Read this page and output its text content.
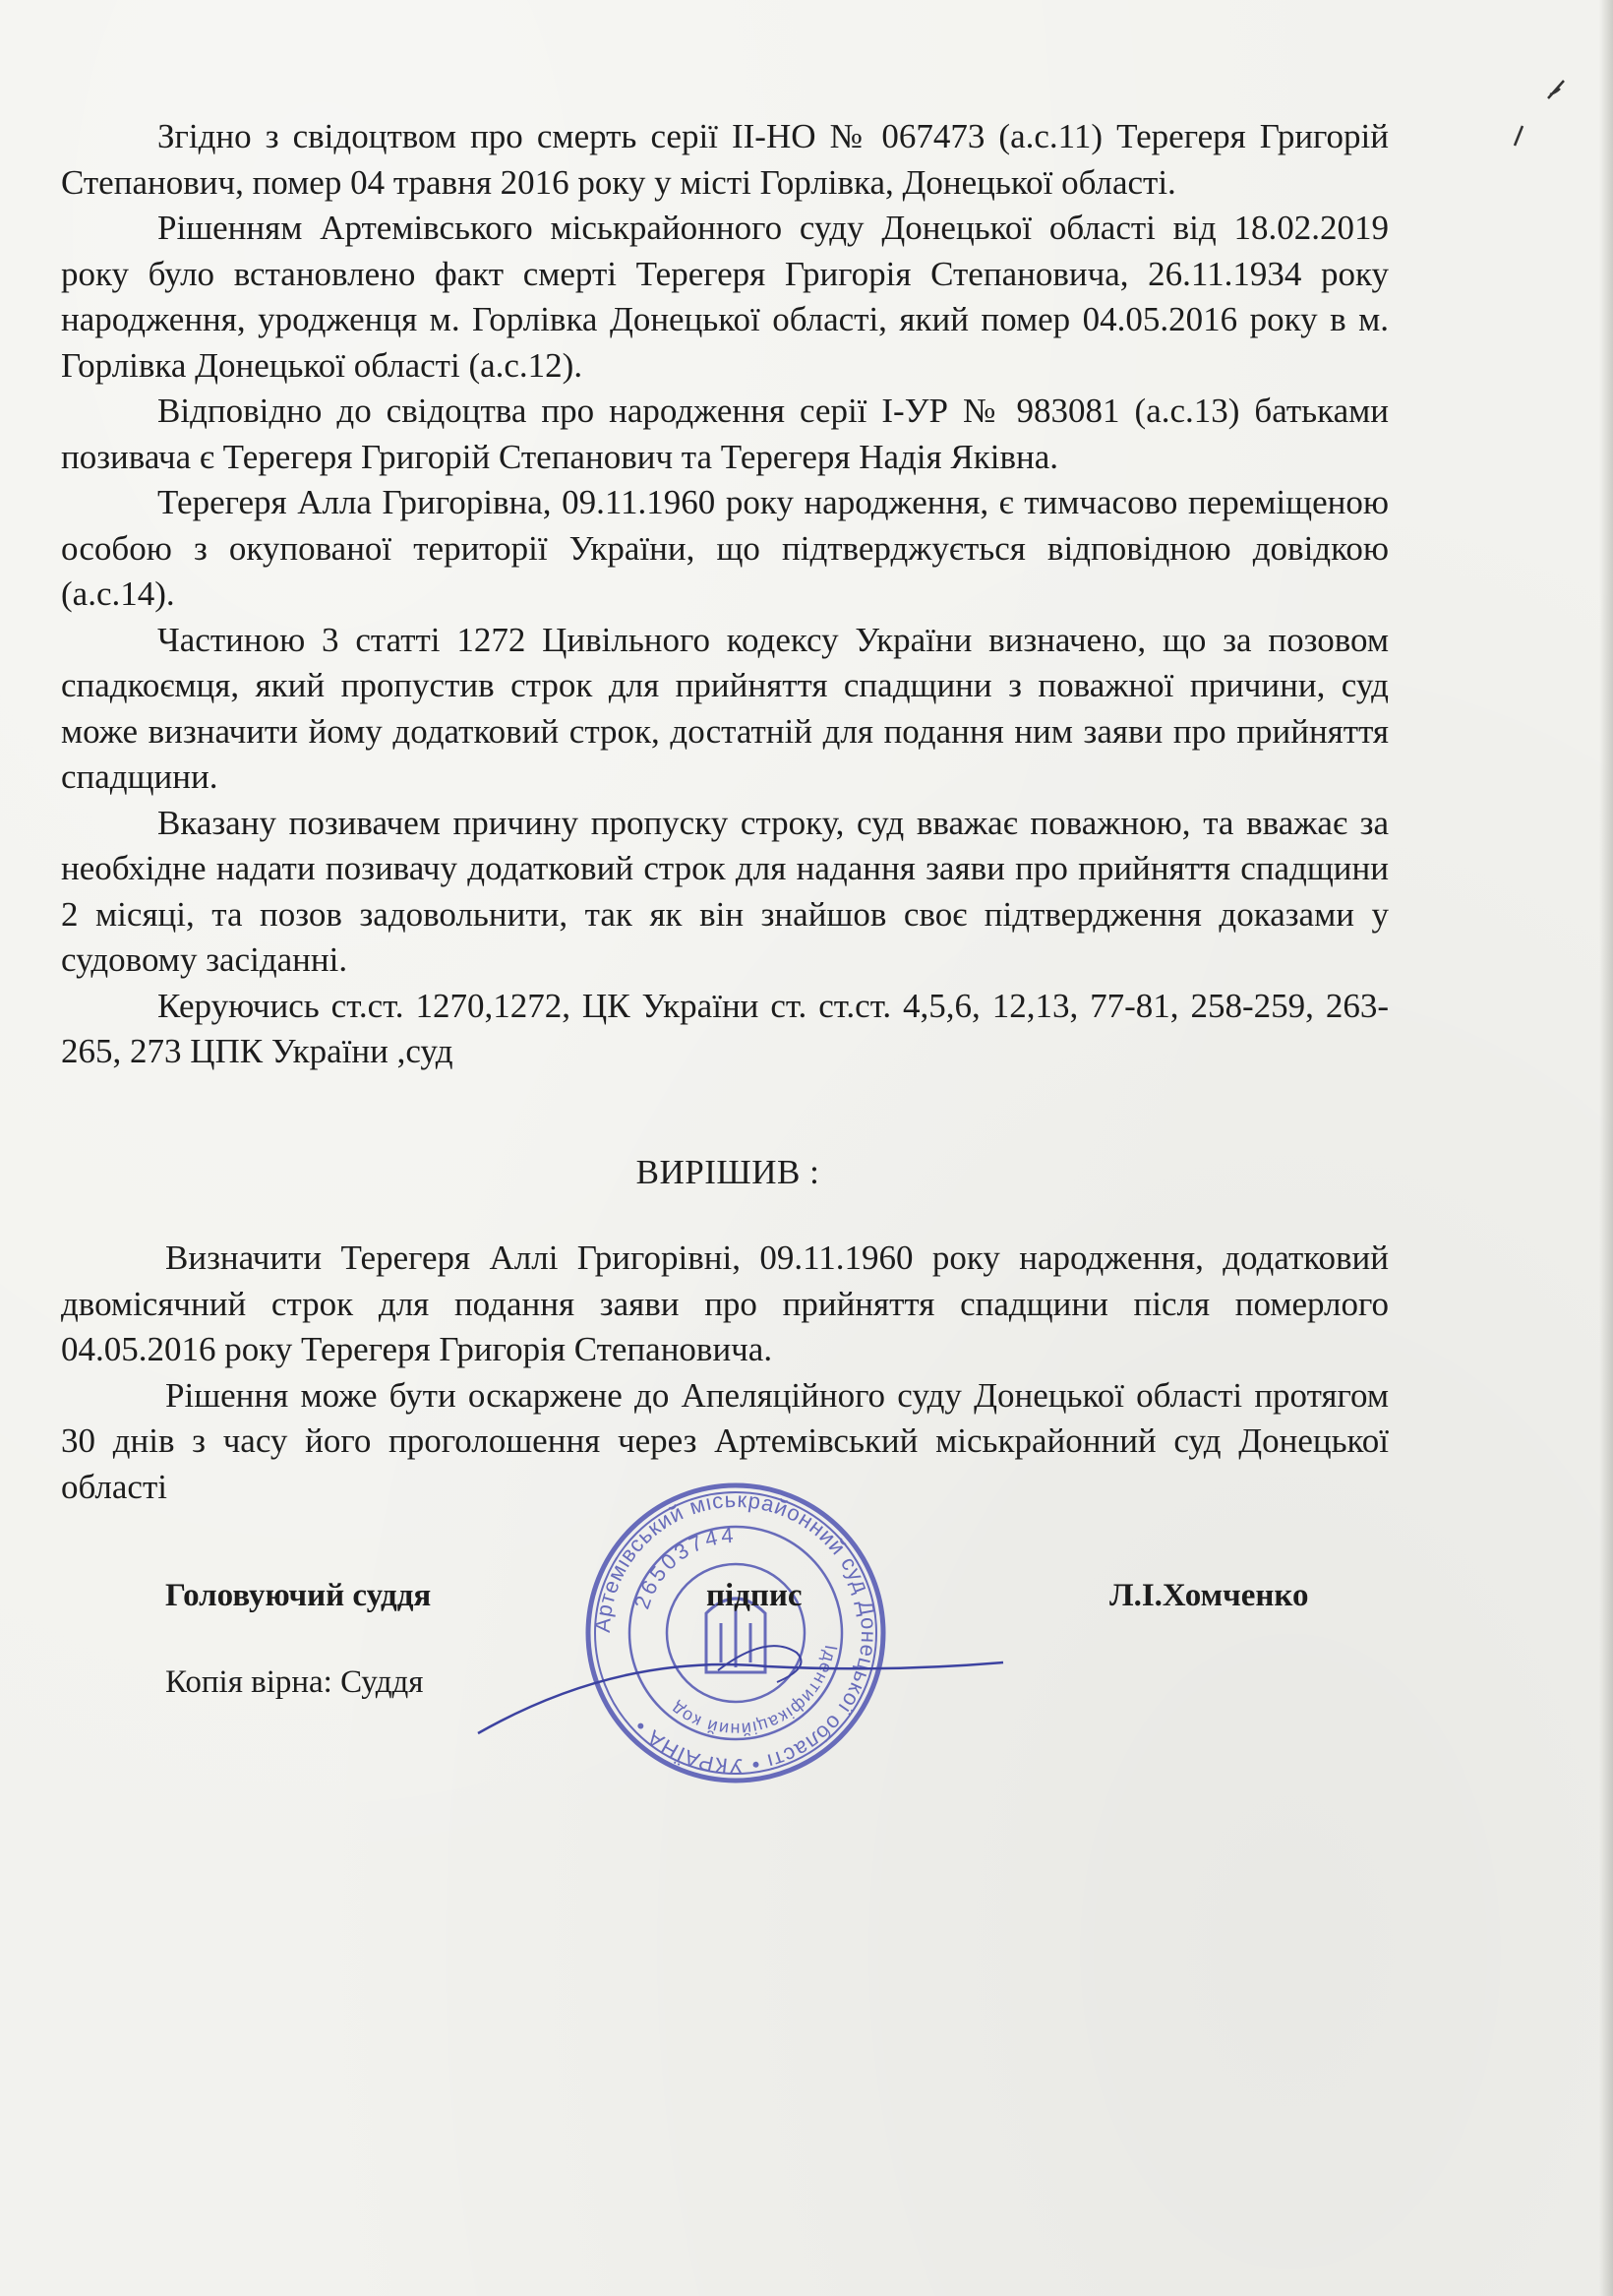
Згідно з свідоцтвом про смерть серії ІІ-НО № 067473 (а.с.11) Терегеря Григорій Степанович, помер 04 травня 2016 року у місті Горлівка, Донецької області.

Рішенням Артемівського міськрайонного суду Донецької області від 18.02.2019 року було встановлено факт смерті Терегеря Григорія Степановича, 26.11.1934 року народження, уродженця м. Горлівка Донецької області, який помер 04.05.2016 року в м. Горлівка Донецької області (а.с.12).

Відповідно до свідоцтва про народження серії І-УР № 983081 (а.с.13) батьками позивача є Терегеря Григорій Степанович та Терегеря Надія Яківна.

Терегеря Алла Григорівна, 09.11.1960 року народження, є тимчасово переміщеною особою з окупованої території України, що підтверджується відповідною довідкою (а.с.14).

Частиною 3 статті 1272 Цивільного кодексу України визначено, що за позовом спадкоємця, який пропустив строк для прийняття спадщини з поважної причини, суд може визначити йому додатковий строк, достатній для подання ним заяви про прийняття спадщини.

Вказану позивачем причину пропуску строку, суд вважає поважною, та вважає за необхідне надати позивачу додатковий строк для надання заяви про прийняття спадщини 2 місяці, та позов задовольнити, так як він знайшов своє підтвердження доказами у судовому засіданні.

Керуючись ст.ст. 1270,1272, ЦК України ст. ст.ст. 4,5,6, 12,13, 77-81, 258-259, 263-265, 273 ЦПК України ,суд

ВИРІШИВ :

Визначити Терегеря Аллі Григорівні, 09.11.1960 року народження, додатковий двомісячний строк для подання заяви про прийняття спадщини після померлого 04.05.2016 року Терегеря Григорія Степановича.

Рішення може бути оскаржене до Апеляційного суду Донецької області протягом 30 днів з часу його проголошення через Артемівський міськрайонний суд Донецької області

Артемівський міськрайонний суд Донецької області • УКРАЇНА •
26503744
Ідентифікаційний код
Головуючий суддя	підпис	Л.І.Хомченко
Копія вірна: Суддя
